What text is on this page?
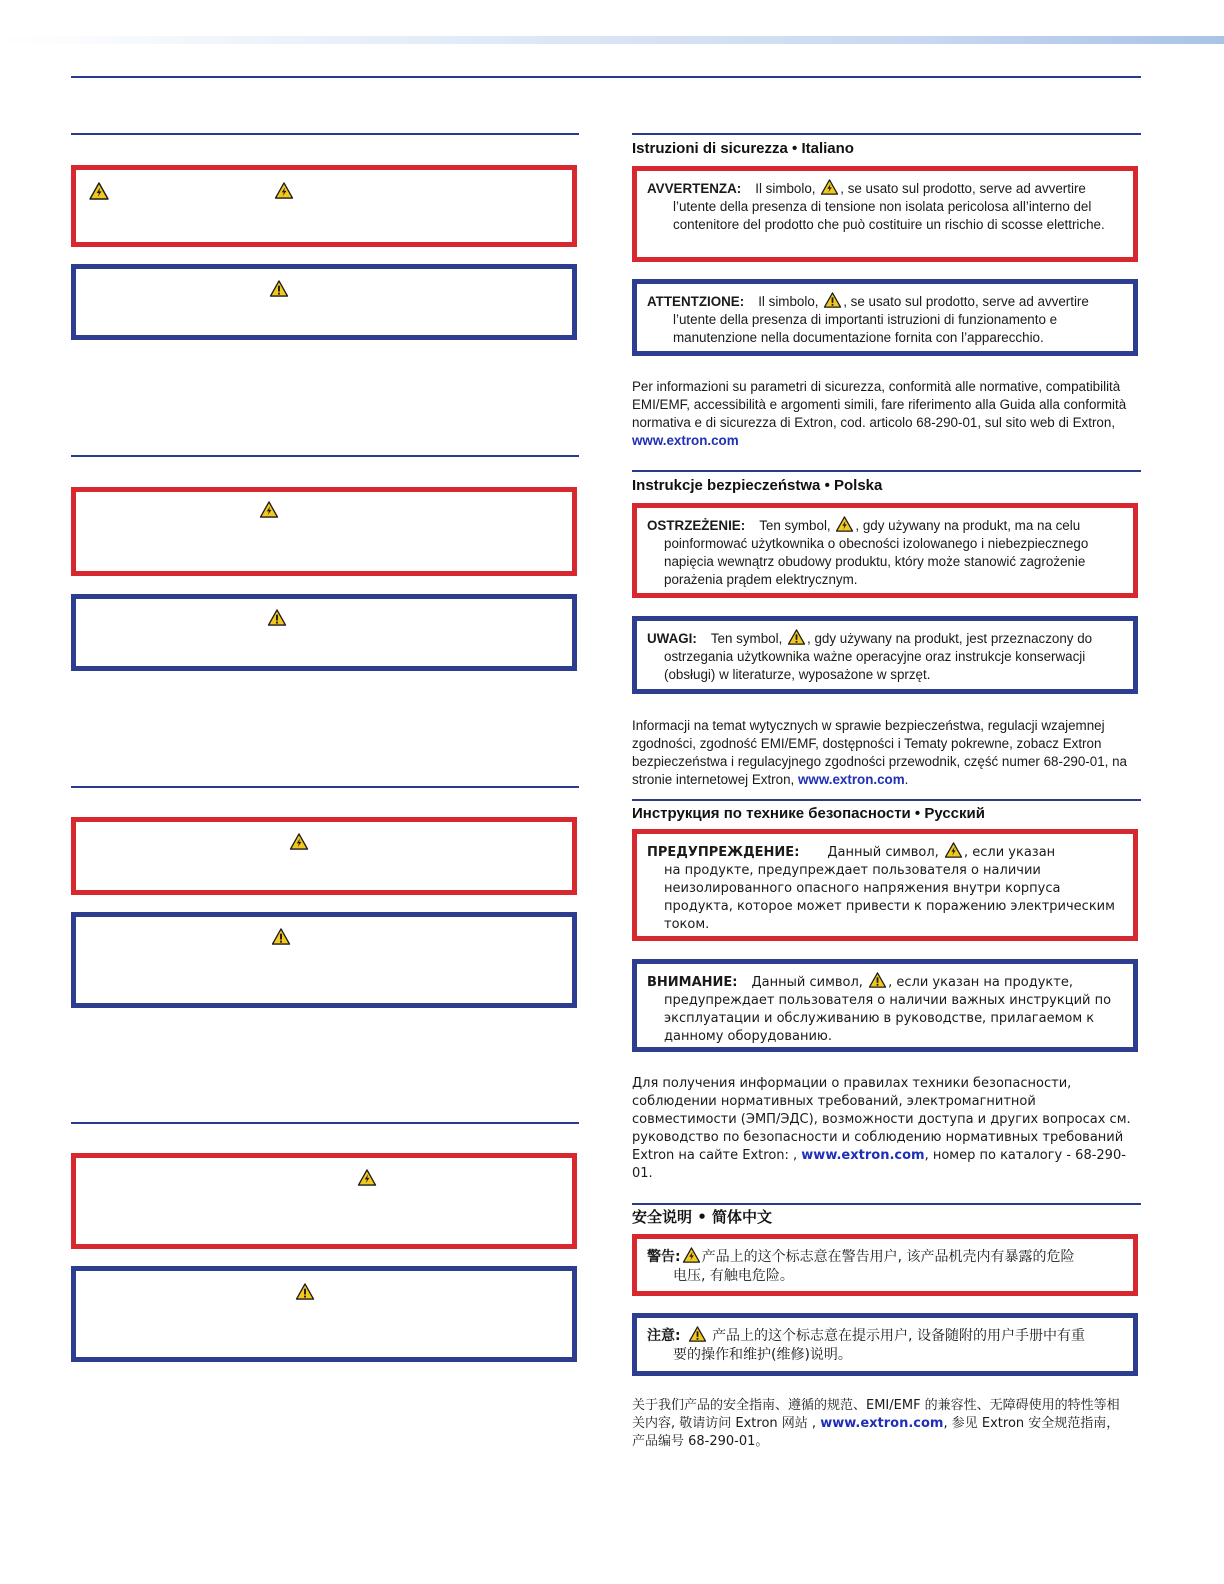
Istruzioni di sicurezza • Italiano
AVVERTENZA: Il simbolo, , se usato sul prodotto, serve ad avvertire
l’utente della presenza di tensione non isolata pericolosa all’interno del contenitore del prodotto che può costituire un rischio di scosse elettriche.
ATTENTZIONE: Il simbolo, , se usato sul prodotto, serve ad avvertire
l’utente della presenza di importanti istruzioni di funzionamento e manutenzione nella documentazione fornita con l’apparecchio.
Per informazioni su parametri di sicurezza, conformità alle normative, compatibilità EMI/EMF, accessibilità e argomenti simili, fare riferimento alla Guida alla conformità normativa e di sicurezza di Extron, cod. articolo 68-290-01, sul sito web di Extron, www.extron.com
Instrukcje bezpieczeństwa • Polska
OSTRZEŻENIE: Ten symbol, , gdy używany na produkt, ma na celu
poinformować użytkownika o obecności izolowanego i niebezpiecznego napięcia wewnątrz obudowy produktu, który może stanowić zagrożenie porażenia prądem elektrycznym.
UWAGI: Ten symbol, , gdy używany na produkt, jest przeznaczony do
ostrzegania użytkownika ważne operacyjne oraz instrukcje konserwacji (obsługi) w literaturze, wyposażone w sprzęt.
Informacji na temat wytycznych w sprawie bezpieczeństwa, regulacji wzajemnej zgodności, zgodność EMI/EMF, dostępności i Tematy pokrewne, zobacz Extron bezpieczeństwa i regulacyjnego zgodności przewodnik, część numer 68-290-01, na stronie internetowej Extron, www.extron.com.
Инструкция по технике безопасности • Русский
ПРЕДУПРЕЖДЕНИЕ: Данный символ, , если указан
на продукте, предупреждает пользователя о наличии неизолированного опасного напряжения внутри корпуса продукта, которое может привести к поражению электрическим током.
ВНИМАНИЕ: Данный символ, , если указан на продукте,
предупреждает пользователя о наличии важных инструкций по эксплуатации и обслуживанию в руководстве, прилагаемом к данному оборудованию.
Для получения информации о правилах техники безопасности, соблюдении нормативных требований, электромагнитной совместимости (ЭМП/ЭДС), возможности доступа и других вопросах см. руководство по безопасности и соблюдению нормативных требований Extron на сайте Extron: , www.extron.com, номер по каталогу - 68-290-01.
安全说明 • 简体中文
警告: 产品上的这个标志意在警告用户, 该产品机壳内有暴露的危险
电压, 有触电危险。
注意: 产品上的这个标志意在提示用户, 设备随附的用户手册中有重
要的操作和维护(维修)说明。
关于我们产品的安全指南、遵循的规范、EMI/EMF 的兼容性、无障碍使用的特性等相关内容, 敬请访问 Extron 网站 , www.extron.com, 参见 Extron 安全规范指南，产品编号 68-290-01。
